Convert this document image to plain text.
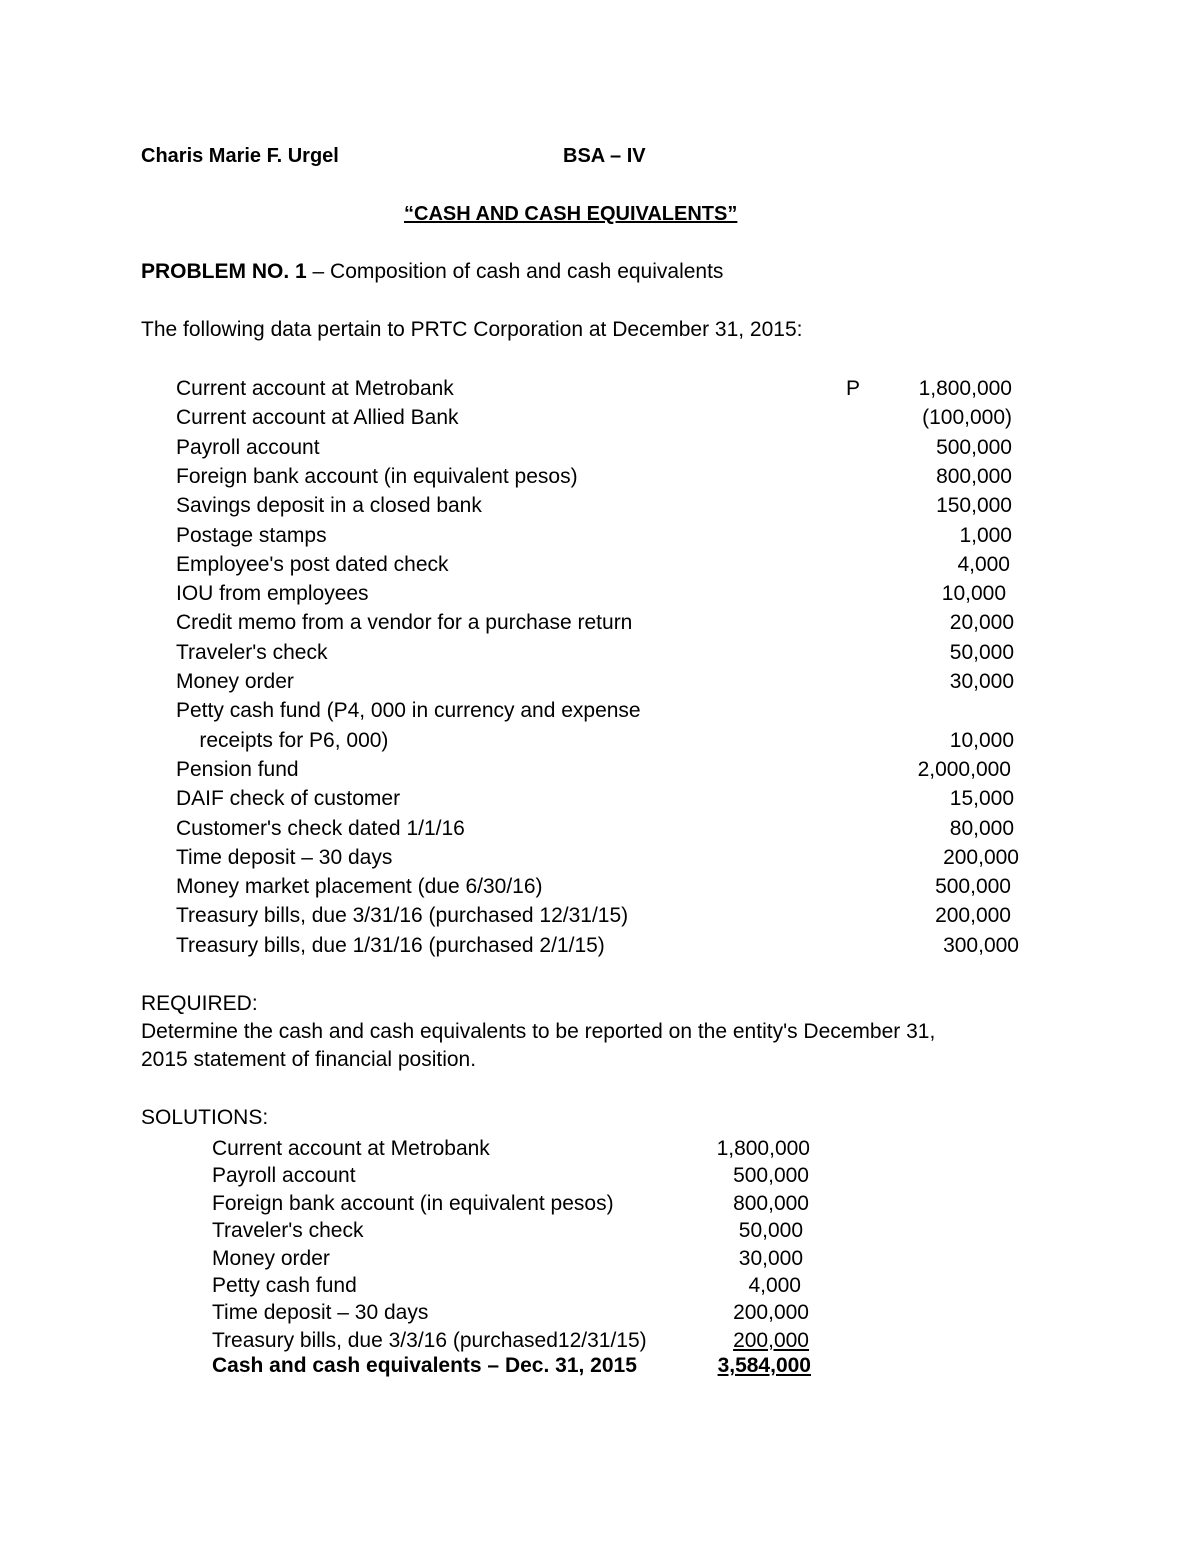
Charis Marie F. Urgel	BSA – IV
“CASH AND CASH EQUIVALENTS”
PROBLEM NO. 1 – Composition of cash and cash equivalents
The following data pertain to PRTC Corporation at December 31, 2015:
P
Current account at Metrobank	1,800,000
Current account at Allied Bank	(100,000)
Payroll account	500,000
Foreign bank account (in equivalent pesos)	800,000
Savings deposit in a closed bank	150,000
Postage stamps	1,000
Employee's post dated check	4,000
IOU from employees	10,000
Credit memo from a vendor for a purchase return	20,000
Traveler's check	50,000
Money order	30,000
Petty cash fund (P4, 000 in currency and expense
receipts for P6, 000)	10,000
Pension fund	2,000,000
DAIF check of customer	15,000
Customer's check dated 1/1/16	80,000
Time deposit – 30 days	200,000
Money market placement (due 6/30/16)	500,000
Treasury bills, due 3/31/16 (purchased 12/31/15)	200,000
Treasury bills, due 1/31/16 (purchased 2/1/15)	300,000
REQUIRED:
Determine the cash and cash equivalents to be reported on the entity's December 31,
2015 statement of financial position.
SOLUTIONS:
Current account at Metrobank	1,800,000
Payroll account	500,000
Foreign bank account (in equivalent pesos)	800,000
Traveler's check	50,000
Money order	30,000
Petty cash fund	4,000
Time deposit – 30 days	200,000
Treasury bills, due 3/3/16 (purchased12/31/15)	200,000
Cash and cash equivalents – Dec. 31, 2015	3,584,000
